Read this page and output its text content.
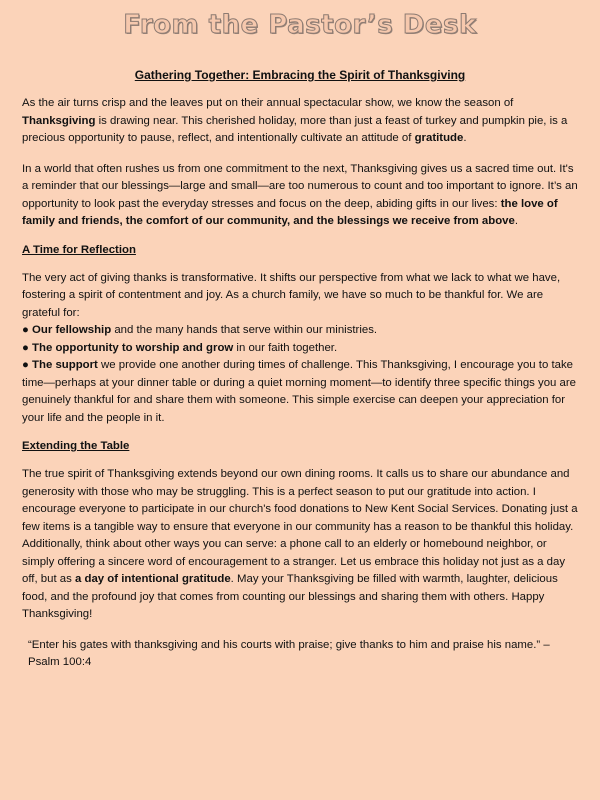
From the Pastor’s Desk
Gathering Together: Embracing the Spirit of Thanksgiving

As the air turns crisp and the leaves put on their annual spectacular show, we know the season of Thanksgiving is drawing near. This cherished holiday, more than just a feast of turkey and pumpkin pie, is a precious opportunity to pause, reflect, and intentionally cultivate an attitude of gratitude.

In a world that often rushes us from one commitment to the next, Thanksgiving gives us a sacred time out. It's a reminder that our blessings—large and small—are too numerous to count and too important to ignore. It’s an opportunity to look past the everyday stresses and focus on the deep, abiding gifts in our lives: the love of family and friends, the comfort of our community, and the blessings we receive from above.

A Time for Reflection
The very act of giving thanks is transformative. It shifts our perspective from what we lack to what we have, fostering a spirit of contentment and joy. As a church family, we have so much to be thankful for. We are grateful for:
● Our fellowship and the many hands that serve within our ministries.
● The opportunity to worship and grow in our faith together.
● The support we provide one another during times of challenge. This Thanksgiving, I encourage you to take time—perhaps at your dinner table or during a quiet morning moment—to identify three specific things you are genuinely thankful for and share them with someone. This simple exercise can deepen your appreciation for your life and the people in it.
Extending the Table

The true spirit of Thanksgiving extends beyond our own dining rooms. It calls us to share our abundance and generosity with those who may be struggling. This is a perfect season to put our gratitude into action. I encourage everyone to participate in our church's food donations to New Kent Social Services. Donating just a few items is a tangible way to ensure that everyone in our community has a reason to be thankful this holiday. Additionally, think about other ways you can serve: a phone call to an elderly or homebound neighbor, or simply offering a sincere word of encouragement to a stranger. Let us embrace this holiday not just as a day off, but as a day of intentional gratitude. May your Thanksgiving be filled with warmth, laughter, delicious food, and the profound joy that comes from counting our blessings and sharing them with others. Happy Thanksgiving!

“Enter his gates with thanksgiving and his courts with praise; give thanks to him and praise his name.” – Psalm 100:4
